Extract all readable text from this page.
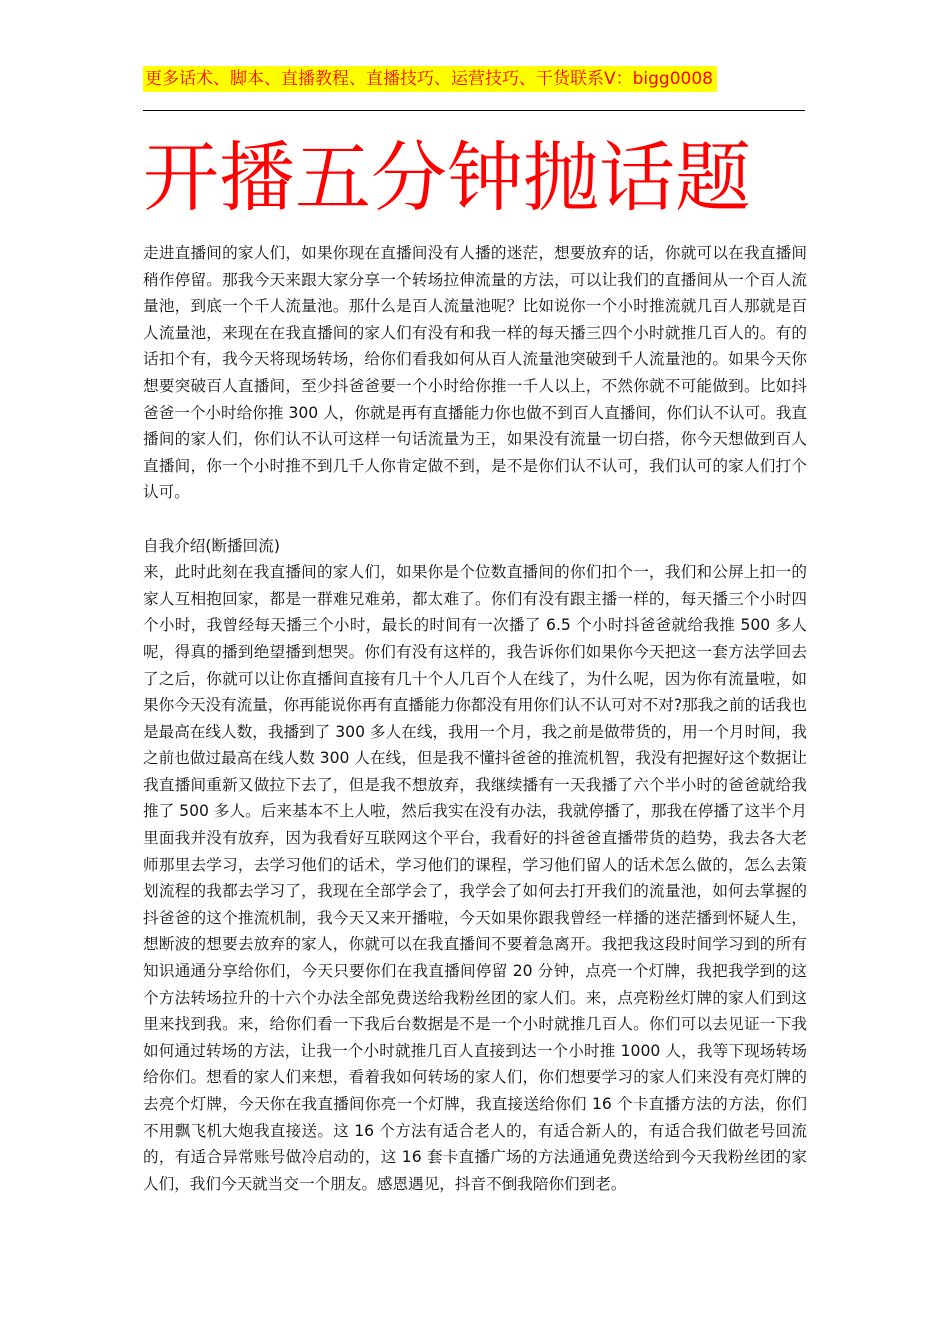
更多话术、脚本、直播教程、直播技巧、运营技巧、干货联系V：bigg0008
开播五分钟抛话题

走进直播间的家人们，如果你现在直播间没有人播的迷茫，想要放弃的话，你就可以在我直播间稍作停留。那我今天来跟大家分享一个转场拉伸流量的方法，可以让我们的直播间从一个百人流量池，到底一个千人流量池。那什么是百人流量池呢？比如说你一个小时推流就几百人那就是百人流量池，来现在在我直播间的家人们有没有和我一样的每天播三四个小时就推几百人的。有的话扣个有，我今天将现场转场，给你们看我如何从百人流量池突破到千人流量池的。如果今天你想要突破百人直播间，至少抖爸爸要一个小时给你推一千人以上，不然你就不可能做到。比如抖爸爸一个小时给你推 300 人，你就是再有直播能力你也做不到百人直播间，你们认不认可。我直播间的家人们，你们认不认可这样一句话流量为王，如果没有流量一切白搭，你今天想做到百人直播间，你一个小时推不到几千人你肯定做不到，是不是你们认不认可，我们认可的家人们打个认可。

自我介绍(断播回流)

来，此时此刻在我直播间的家人们，如果你是个位数直播间的你们扣个一，我们和公屏上扣一的家人互相抱回家，都是一群难兄难弟，都太难了。你们有没有跟主播一样的，每天播三个小时四个小时，我曾经每天播三个小时，最长的时间有一次播了 6.5 个小时抖爸爸就给我推 500 多人呢，得真的播到绝望播到想哭。你们有没有这样的，我告诉你们如果你今天把这一套方法学回去了之后，你就可以让你直播间直接有几十个人几百个人在线了，为什么呢，因为你有流量啦，如果你今天没有流量，你再能说你再有直播能力你都没有用你们认不认可对不对?那我之前的话我也是最高在线人数，我播到了 300 多人在线，我用一个月，我之前是做带货的，用一个月时间，我之前也做过最高在线人数 300 人在线，但是我不懂抖爸爸的推流机智，我没有把握好这个数据让我直播间重新又做拉下去了，但是我不想放弃，我继续播有一天我播了六个半小时的爸爸就给我推了 500 多人。后来基本不上人啦，然后我实在没有办法，我就停播了，那我在停播了这半个月里面我并没有放弃，因为我看好互联网这个平台，我看好的抖爸爸直播带货的趋势，我去各大老师那里去学习，去学习他们的话术，学习他们的课程，学习他们留人的话术怎么做的，怎么去策划流程的我都去学习了，我现在全部学会了，我学会了如何去打开我们的流量池，如何去掌握的抖爸爸的这个推流机制，我今天又来开播啦，今天如果你跟我曾经一样播的迷茫播到怀疑人生，想断波的想要去放弃的家人，你就可以在我直播间不要着急离开。我把我这段时间学习到的所有知识通通分享给你们，今天只要你们在我直播间停留 20 分钟，点亮一个灯牌，我把我学到的这个方法转场拉升的十六个办法全部免费送给我粉丝团的家人们。来，点亮粉丝灯牌的家人们到这里来找到我。来，给你们看一下我后台数据是不是一个小时就推几百人。你们可以去见证一下我如何通过转场的方法，让我一个小时就推几百人直接到达一个小时推 1000 人，我等下现场转场给你们。想看的家人们来想，看着我如何转场的家人们，你们想要学习的家人们来没有亮灯牌的去亮个灯牌，今天你在我直播间你亮一个灯牌，我直接送给你们 16 个卡直播方法的方法，你们不用飘飞机大炮我直接送。这 16 个方法有适合老人的，有适合新人的，有适合我们做老号回流的，有适合异常账号做冷启动的，这 16 套卡直播广场的方法通通免费送给到今天我粉丝团的家人们，我们今天就当交一个朋友。感恩遇见，抖音不倒我陪你们到老。
